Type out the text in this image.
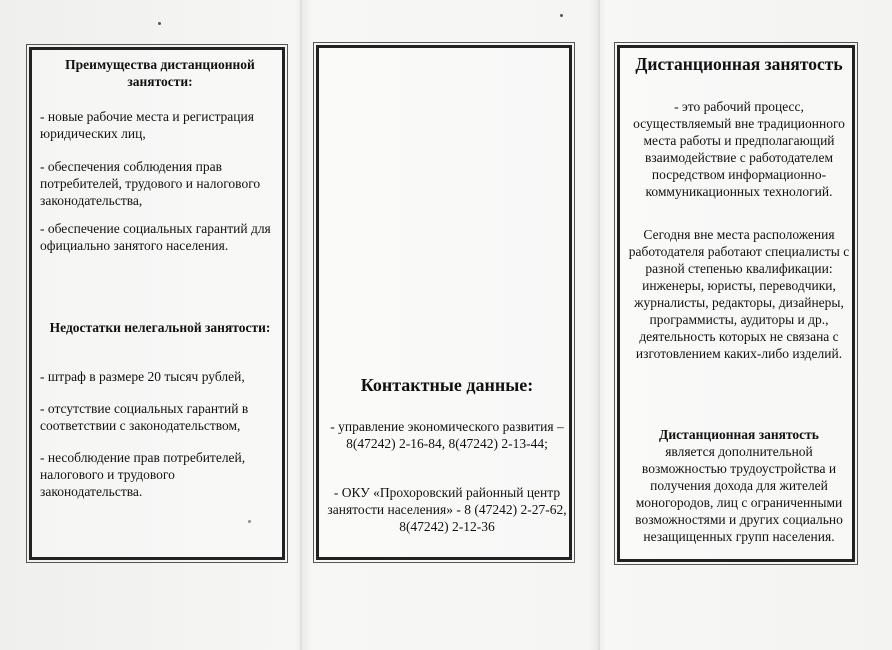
Преимущества дистанционной занятости:

- новые рабочие места и регистрация юридических лиц,

- обеспечения соблюдения прав потребителей, трудового и налогового законодательства,

- обеспечение социальных гарантий для официально занятого населения.

Недостатки нелегальной занятости:

- штраф в размере 20 тысяч рублей,

- отсутствие социальных гарантий в соответствии с законодательством,

- несоблюдение прав потребителей, налогового и трудового законодательства.

Контактные данные:

- управление экономического развития – 8(47242) 2-16-84, 8(47242) 2-13-44;

- ОКУ «Прохоровский районный центр занятости населения» - 8 (47242) 2-27-62, 8(47242) 2-12-36

Дистанционная занятость

- это рабочий процесс, осуществляемый вне традиционного места работы и предполагающий взаимодействие с работодателем посредством информационно-коммуникационных технологий.

Сегодня вне места расположения работодателя работают специалисты с разной степенью квалификации: инженеры, юристы, переводчики, журналисты, редакторы, дизайнеры, программисты, аудиторы и др., деятельность которых не связана с изготовлением каких-либо изделий.

Дистанционная занятость

является дополнительной возможностью трудоустройства и получения дохода для жителей моногородов, лиц с ограниченными возможностями и других социально незащищенных групп населения.
